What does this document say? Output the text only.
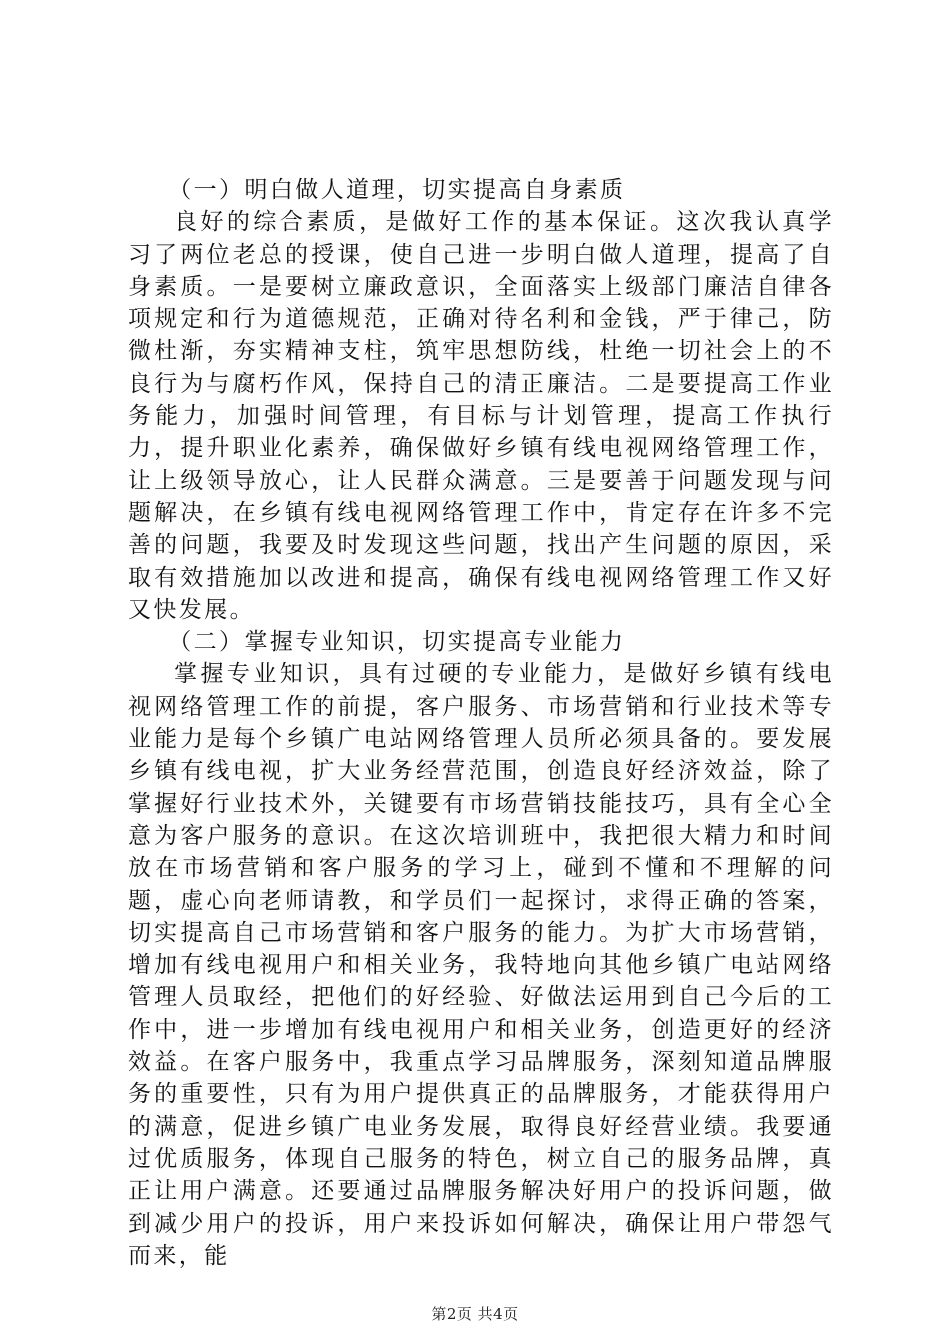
（一）明白做人道理，切实提高自身素质

良好的综合素质，是做好工作的基本保证。这次我认真学习了两位老总的授课，使自己进一步明白做人道理，提高了自身素质。一是要树立廉政意识，全面落实上级部门廉洁自律各项规定和行为道德规范，正确对待名利和金钱，严于律己，防微杜渐，夯实精神支柱，筑牢思想防线，杜绝一切社会上的不良行为与腐朽作风，保持自己的清正廉洁。二是要提高工作业务能力，加强时间管理，有目标与计划管理，提高工作执行力，提升职业化素养，确保做好乡镇有线电视网络管理工作，让上级领导放心，让人民群众满意。三是要善于问题发现与问题解决，在乡镇有线电视网络管理工作中，肯定存在许多不完善的问题，我要及时发现这些问题，找出产生问题的原因，采取有效措施加以改进和提高，确保有线电视网络管理工作又好又快发展。

（二）掌握专业知识，切实提高专业能力

掌握专业知识，具有过硬的专业能力，是做好乡镇有线电视网络管理工作的前提，客户服务、市场营销和行业技术等专业能力是每个乡镇广电站网络管理人员所必须具备的。要发展乡镇有线电视，扩大业务经营范围，创造良好经济效益，除了掌握好行业技术外，关键要有市场营销技能技巧，具有全心全意为客户服务的意识。在这次培训班中，我把很大精力和时间放在市场营销和客户服务的学习上，碰到不懂和不理解的问题，虚心向老师请教，和学员们一起探讨，求得正确的答案，切实提高自己市场营销和客户服务的能力。为扩大市场营销，增加有线电视用户和相关业务，我特地向其他乡镇广电站网络管理人员取经，把他们的好经验、好做法运用到自己今后的工作中，进一步增加有线电视用户和相关业务，创造更好的经济效益。在客户服务中，我重点学习品牌服务，深刻知道品牌服务的重要性，只有为用户提供真正的品牌服务，才能获得用户的满意，促进乡镇广电业务发展，取得良好经营业绩。我要通过优质服务，体现自己服务的特色，树立自己的服务品牌，真正让用户满意。还要通过品牌服务解决好用户的投诉问题，做到减少用户的投诉，用户来投诉如何解决，确保让用户带怨气而来，能

第2页 共4页
